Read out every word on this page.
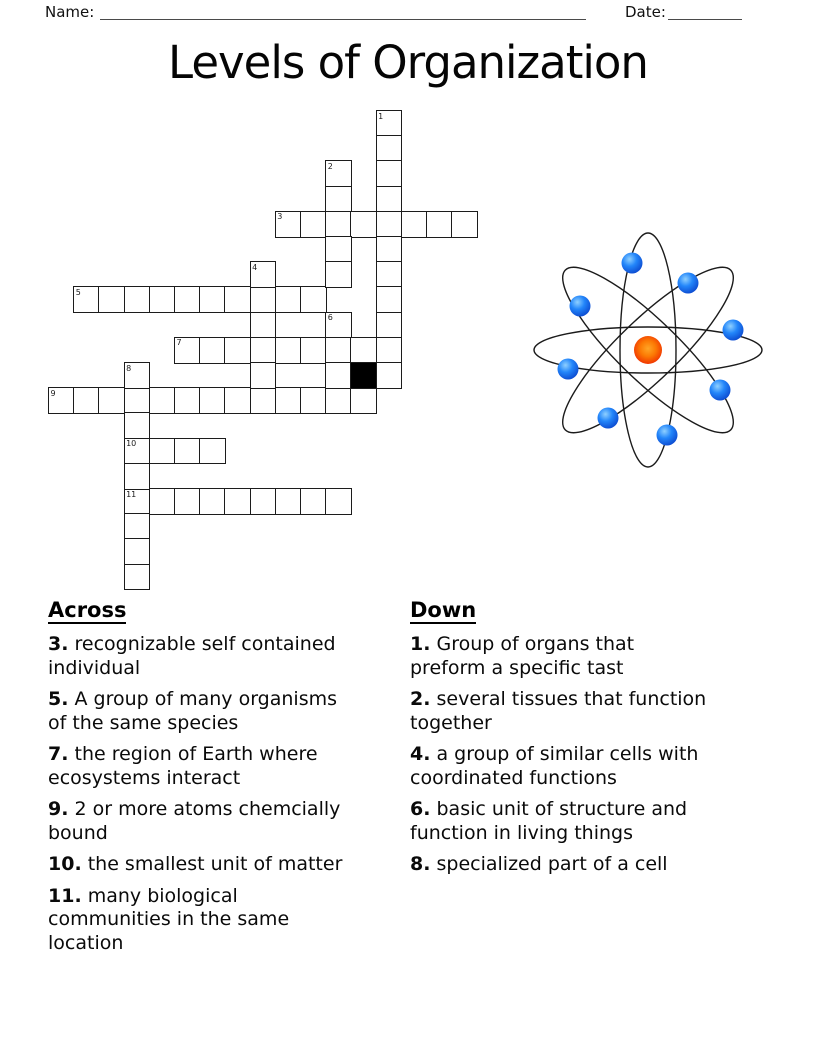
Name:	Date:
Levels of Organization
3
5
7
9
10
11
1
2
4
6
8
Across
3. recognizable self contained
individual
5. A group of many organisms
of the same species
7. the region of Earth where
ecosystems interact
9. 2 or more atoms chemcially
bound
10. the smallest unit of matter
11. many biological
communities in the same
location
Down
1. Group of organs that
preform a specific tast
2. several tissues that function
together
4. a group of similar cells with
coordinated functions
6. basic unit of structure and
function in living things
8. specialized part of a cell
